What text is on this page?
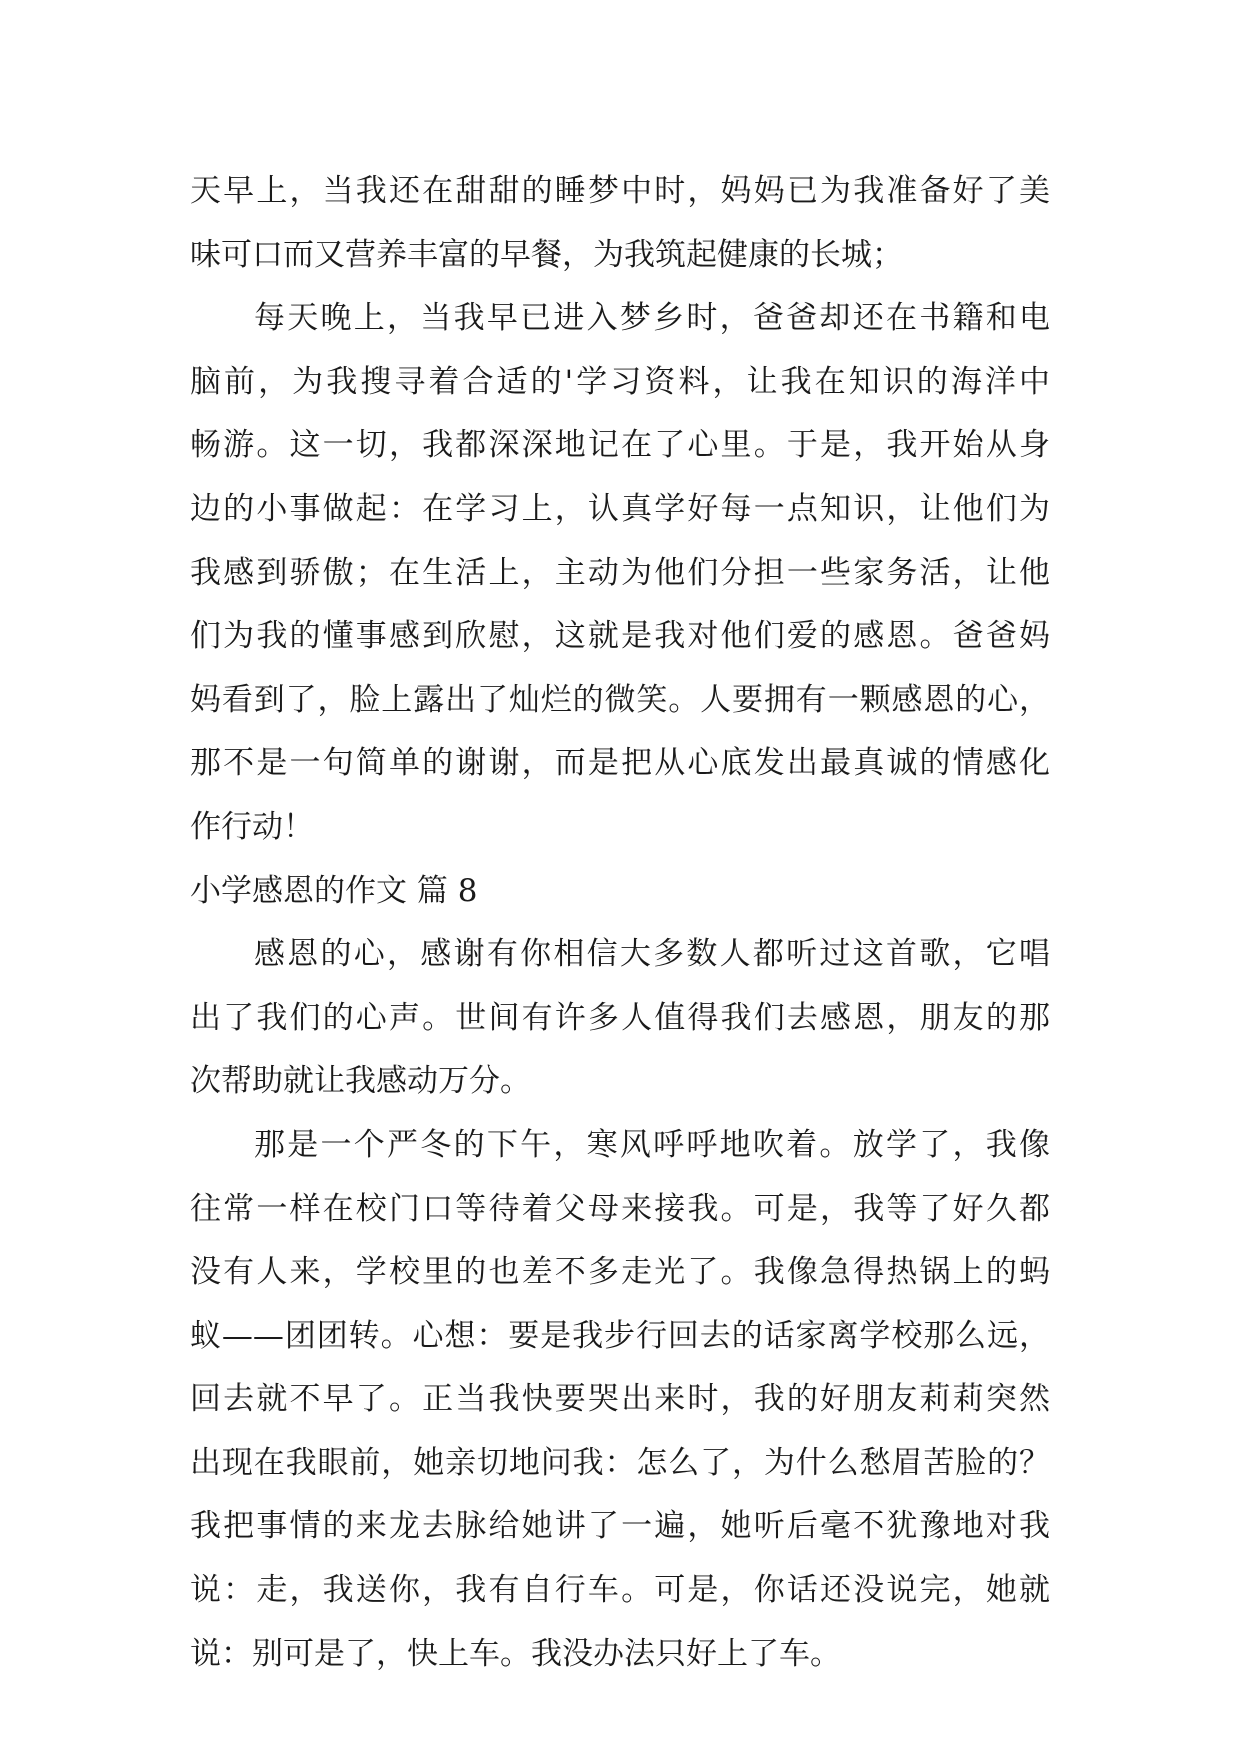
天早上，当我还在甜甜的睡梦中时，妈妈已为我准备好了美
味可口而又营养丰富的早餐，为我筑起健康的长城；
每天晚上，当我早已进入梦乡时，爸爸却还在书籍和电
脑前，为我搜寻着合适的'学习资料，让我在知识的海洋中
畅游。这一切，我都深深地记在了心里。于是，我开始从身
边的小事做起：在学习上，认真学好每一点知识，让他们为
我感到骄傲；在生活上，主动为他们分担一些家务活，让他
们为我的懂事感到欣慰，这就是我对他们爱的感恩。爸爸妈
妈看到了，脸上露出了灿烂的微笑。人要拥有一颗感恩的心，
那不是一句简单的谢谢，而是把从心底发出最真诚的情感化
作行动！
小学感恩的作文 篇 8
感恩的心，感谢有你相信大多数人都听过这首歌，它唱
出了我们的心声。世间有许多人值得我们去感恩，朋友的那
次帮助就让我感动万分。
那是一个严冬的下午，寒风呼呼地吹着。放学了，我像
往常一样在校门口等待着父母来接我。可是，我等了好久都
没有人来，学校里的也差不多走光了。我像急得热锅上的蚂
蚁——团团转。心想：要是我步行回去的话家离学校那么远，
回去就不早了。正当我快要哭出来时，我的好朋友莉莉突然
出现在我眼前，她亲切地问我：怎么了，为什么愁眉苦脸的？
我把事情的来龙去脉给她讲了一遍，她听后毫不犹豫地对我
说：走，我送你，我有自行车。可是，你话还没说完，她就
说：别可是了，快上车。我没办法只好上了车。
